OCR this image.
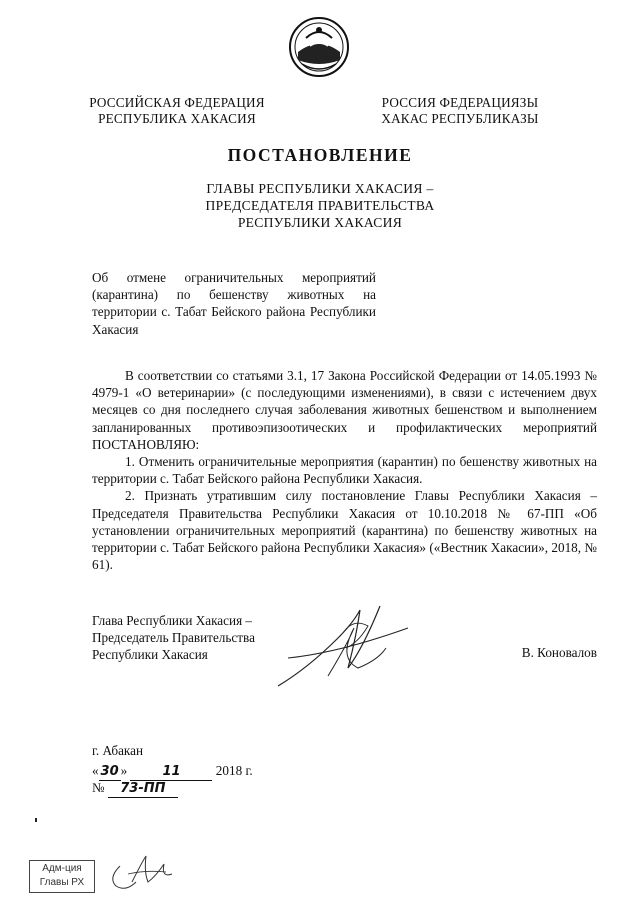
РОССИЙСКАЯ ФЕДЕРАЦИЯ
РЕСПУБЛИКА ХАКАСИЯ
РОССИЯ ФЕДЕРАЦИЯЗЫ
ХАКАС РЕСПУБЛИКАЗЫ
ПОСТАНОВЛЕНИЕ
ГЛАВЫ РЕСПУБЛИКИ ХАКАСИЯ –
ПРЕДСЕДАТЕЛЯ ПРАВИТЕЛЬСТВА
РЕСПУБЛИКИ ХАКАСИЯ
Об отмене ограничительных мероприятий (карантина) по бешенству животных на территории с. Табат Бейского района Республики Хакасия

В соответствии со статьями 3.1, 17 Закона Российской Федерации от 14.05.1993 № 4979-1 «О ветеринарии» (с последующими изменениями), в связи с истечением двух месяцев со дня последнего случая заболевания животных бешенством и выполнением запланированных противоэпизоотических и профилактических мероприятий ПОСТАНОВЛЯЮ:

1. Отменить ограничительные мероприятия (карантин) по бешенству животных на территории с. Табат Бейского района Республики Хакасия.

2. Признать утратившим силу постановление Главы Республики Хакасия – Председателя Правительства Республики Хакасия от 10.10.2018 № 67-ПП «Об установлении ограничительных мероприятий (карантина) по бешенству животных на территории с. Табат Бейского района Республики Хакасия» («Вестник Хакасии», 2018, № 61).

Глава Республики Хакасия –
Председатель Правительства
Республики Хакасия	В. Коновалов
г. Абакан
« 30 »	11	2018 г.
№ 73-ПП
Адм-ция
Главы РХ
